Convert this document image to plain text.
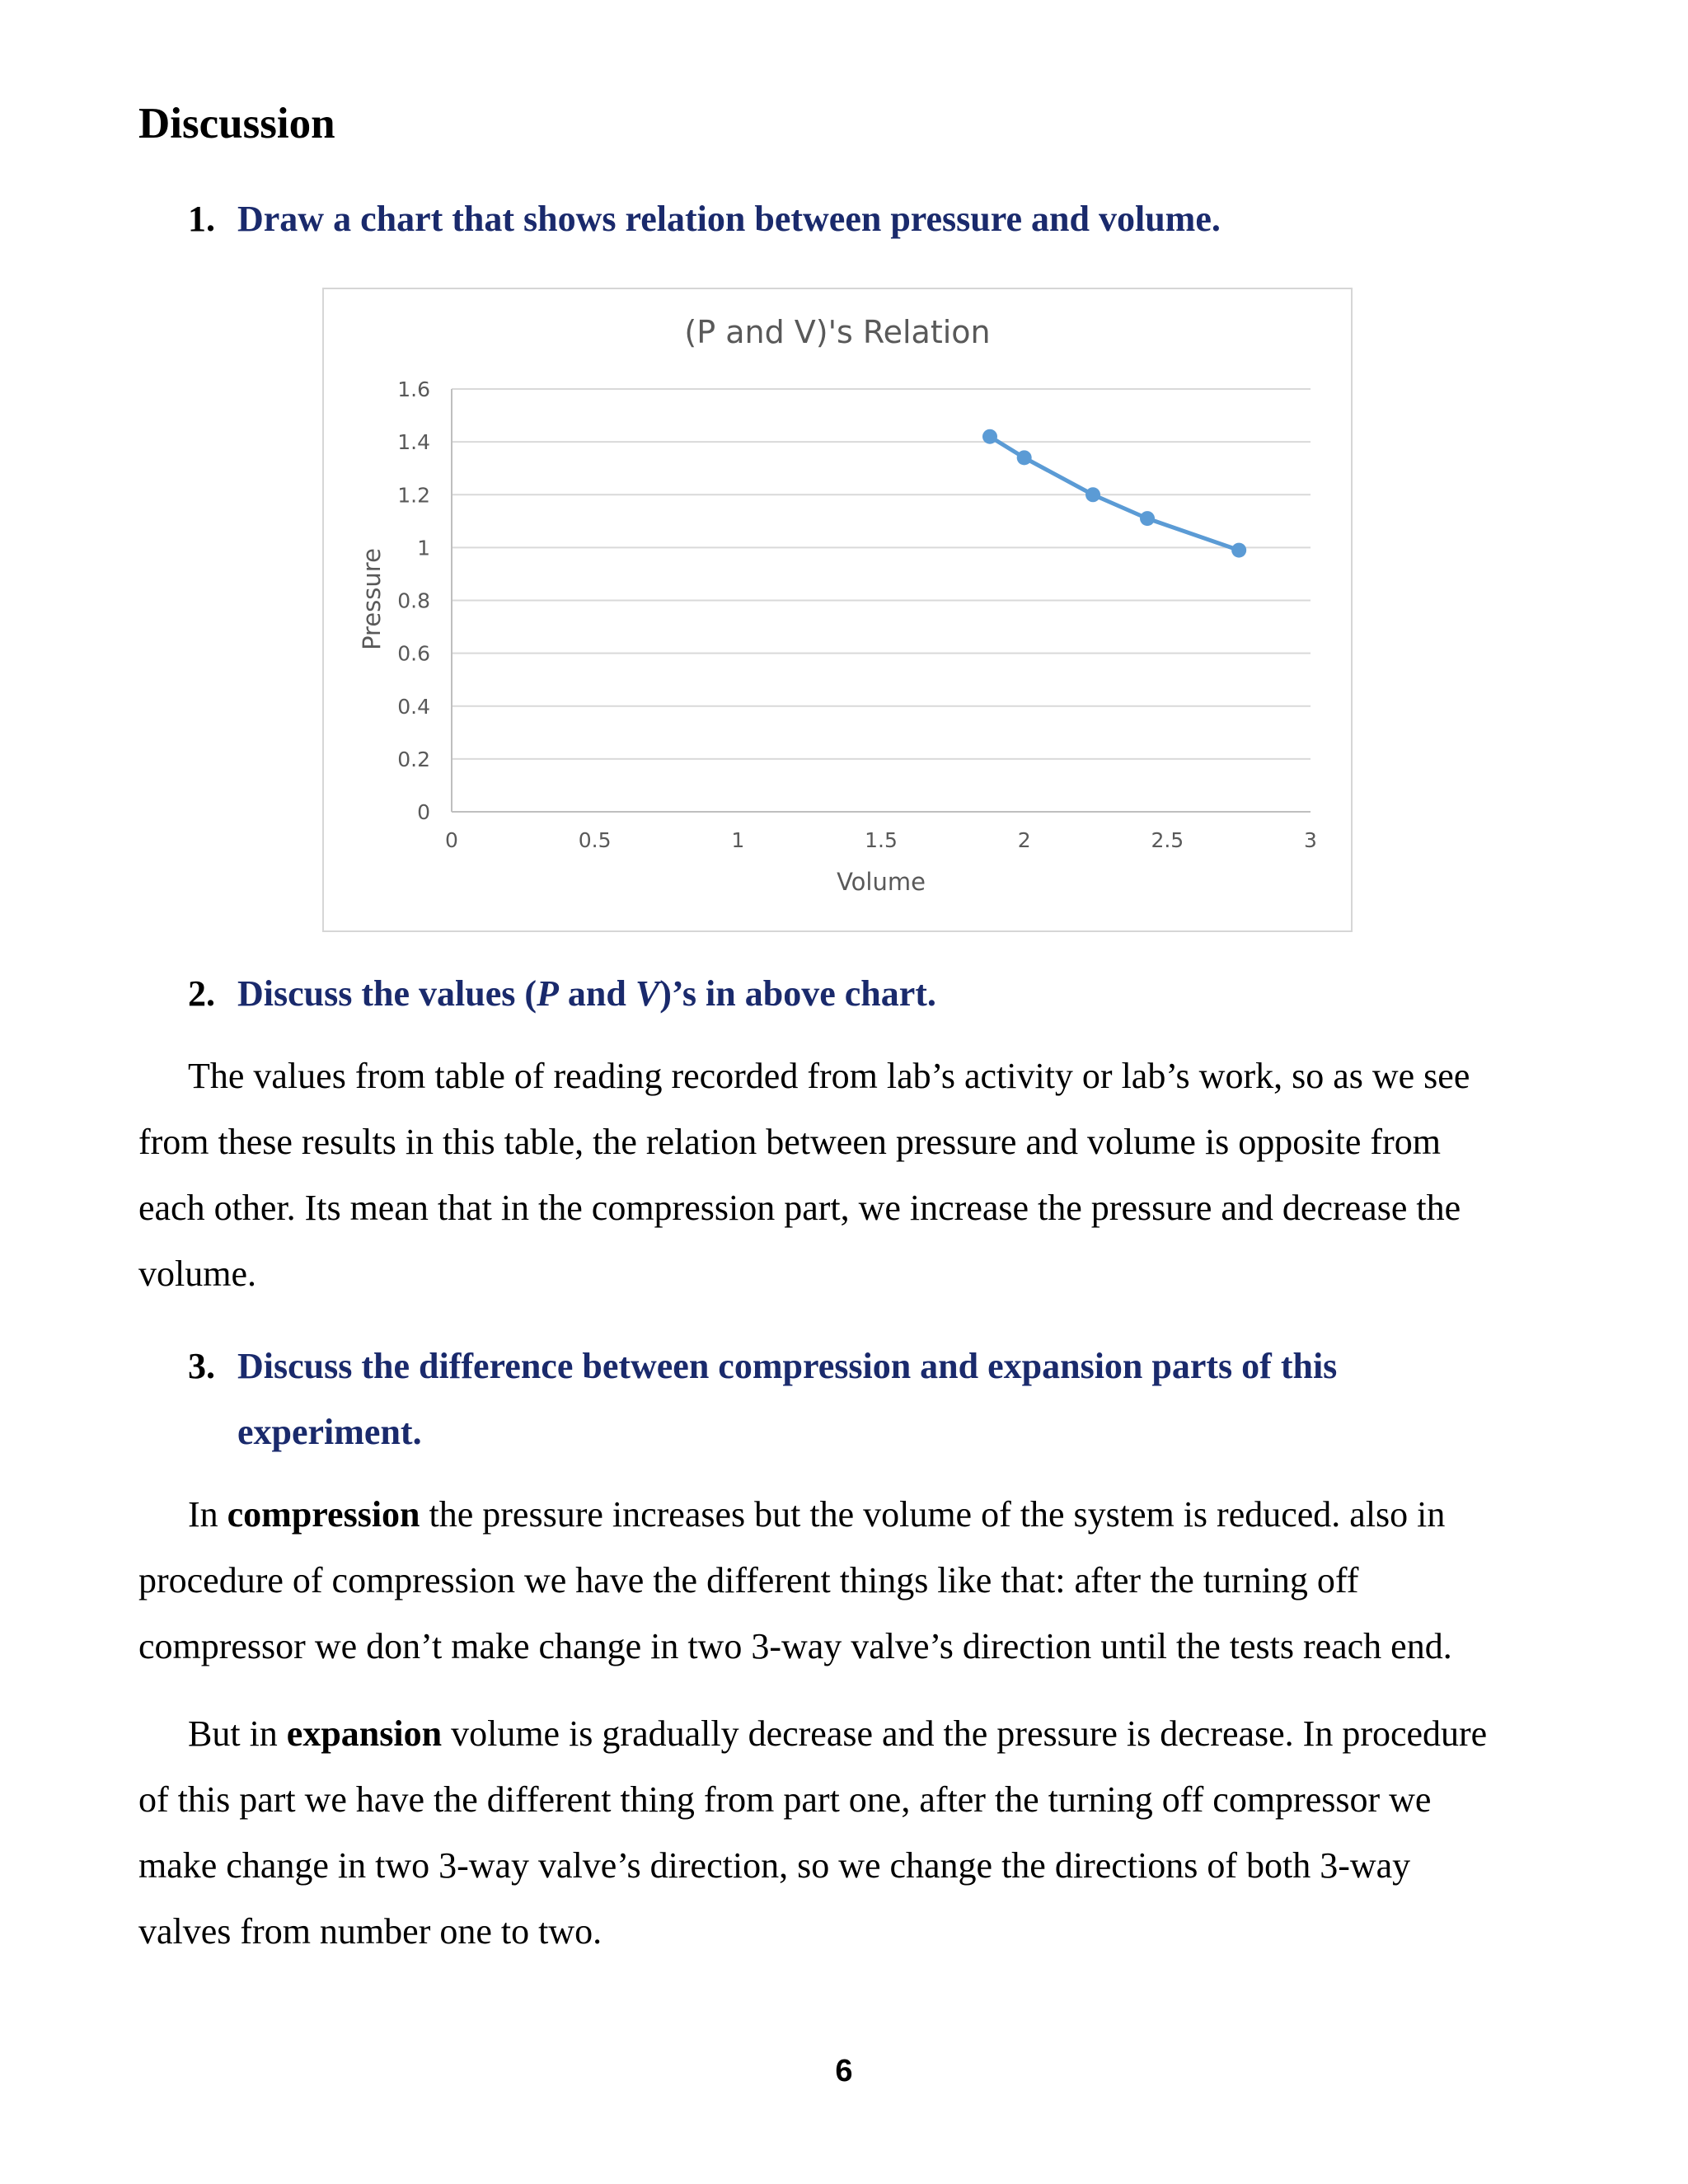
Discussion
1. Draw a chart that shows relation between pressure and volume.
(P and V)'s Relation
0
0.2
0.4
0.6
0.8
1
1.2
1.4
1.6
0	0.5	1	1.5	2	2.5	3
Volume
Pressure
2. Discuss the values (P and V)’s in above chart.
The values from table of reading recorded from lab’s activity or lab’s work, so as we see
from these results in this table, the relation between pressure and volume is opposite from
each other. Its mean that in the compression part, we increase the pressure and decrease the
volume.
3. Discuss the difference between compression and expansion parts of this
experiment.
In compression the pressure increases but the volume of the system is reduced. also in
procedure of compression we have the different things like that: after the turning off
compressor we don’t make change in two 3-way valve’s direction until the tests reach end.
But in expansion volume is gradually decrease and the pressure is decrease. In procedure
of this part we have the different thing from part one, after the turning off compressor we
make change in two 3-way valve’s direction, so we change the directions of both 3-way
valves from number one to two.
6
